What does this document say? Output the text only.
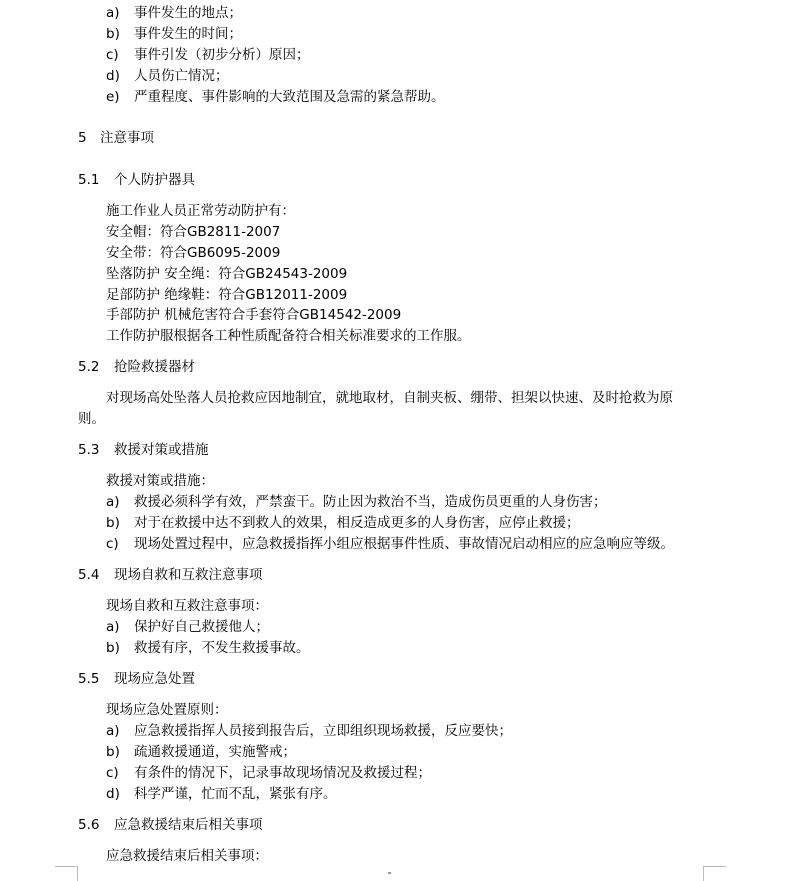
a) 事件发生的地点；
b) 事件发生的时间；
c) 事件引发（初步分析）原因；
d) 人员伤亡情况；
e) 严重程度、事件影响的大致范围及急需的紧急帮助。
5 注意事项
5.1 个人防护器具
施工作业人员正常劳动防护有：
安全帽：符合GB2811-2007
安全带：符合GB6095-2009
坠落防护 安全绳：符合GB24543-2009
足部防护 绝缘鞋：符合GB12011-2009
手部防护 机械危害符合手套符合GB14542-2009
工作防护服根据各工种性质配备符合相关标准要求的工作服。
5.2 抢险救援器材
对现场高处坠落人员抢救应因地制宜，就地取材，自制夹板、绷带、担架以快速、及时抢救为原
则。
5.3 救援对策或措施
救援对策或措施：
a) 救援必须科学有效，严禁蛮干。防止因为救治不当，造成伤员更重的人身伤害；
b) 对于在救援中达不到救人的效果，相反造成更多的人身伤害，应停止救援；
c) 现场处置过程中，应急救援指挥小组应根据事件性质、事故情况启动相应的应急响应等级。
5.4 现场自救和互救注意事项
现场自救和互救注意事项：
a) 保护好自己救援他人；
b) 救援有序，不发生救援事故。
5.5 现场应急处置
现场应急处置原则：
a) 应急救援指挥人员接到报告后，立即组织现场救援，反应要快；
b) 疏通救援通道，实施警戒；
c) 有条件的情况下，记录事故现场情况及救援过程；
d) 科学严谨，忙而不乱，紧张有序。
5.6 应急救援结束后相关事项
应急救援结束后相关事项：
